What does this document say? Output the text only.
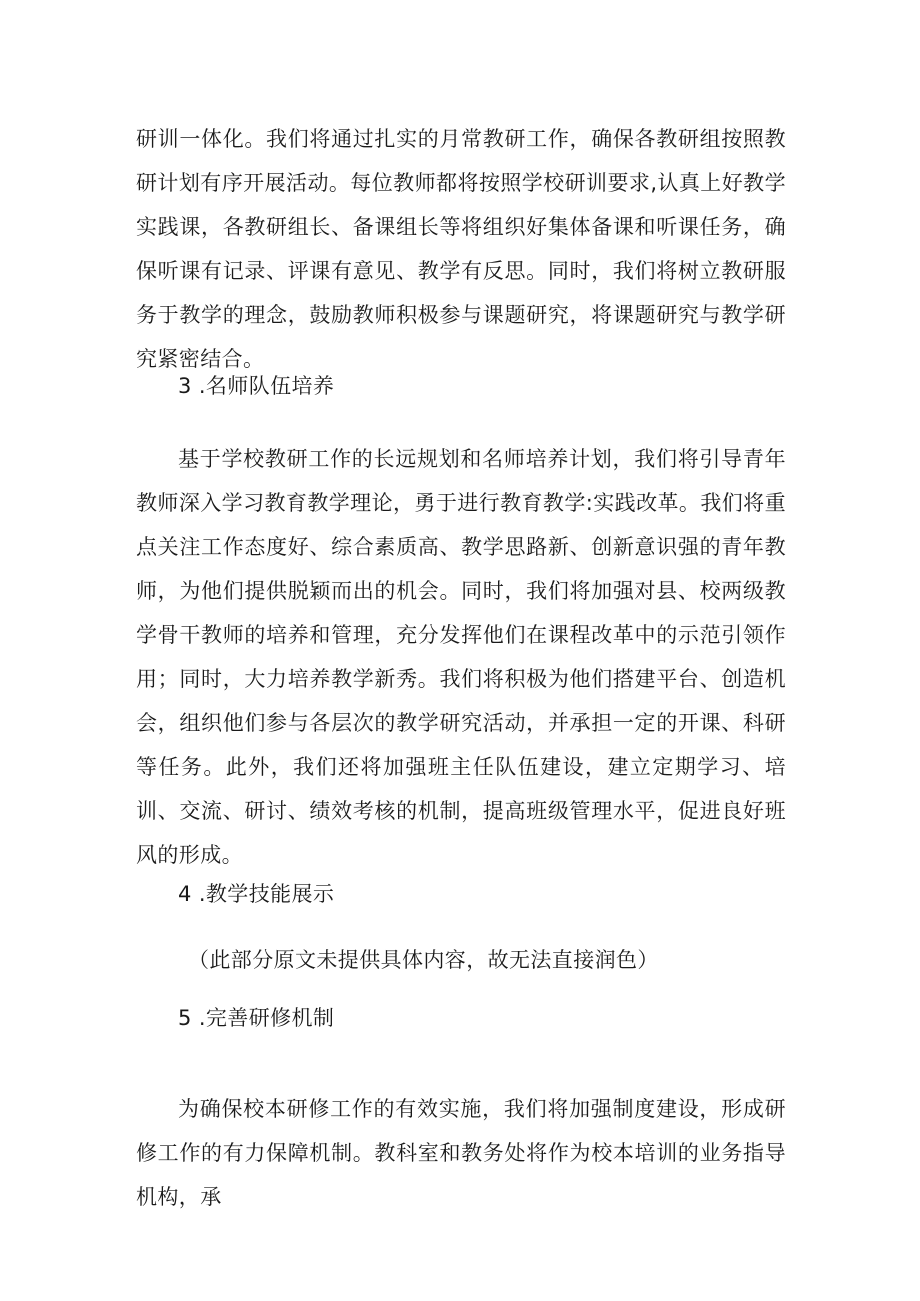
研训一体化。我们将通过扎实的月常教研工作，确保各教研组按照教研计划有序开展活动。每位教师都将按照学校研训要求,认真上好教学实践课，各教研组长、备课组长等将组织好集体备课和听课任务，确保听课有记录、评课有意见、教学有反思。同时，我们将树立教研服务于教学的理念，鼓励教师积极参与课题研究，将课题研究与教学研究紧密结合。

3 .名师队伍培养

基于学校教研工作的长远规划和名师培养计划，我们将引导青年教师深入学习教育教学理论，勇于进行教育教学:实践改革。我们将重点关注工作态度好、综合素质高、教学思路新、创新意识强的青年教师，为他们提供脱颖而出的机会。同时，我们将加强对县、校两级教学骨干教师的培养和管理，充分发挥他们在课程改革中的示范引领作用；同时，大力培养教学新秀。我们将积极为他们搭建平台、创造机会，组织他们参与各层次的教学研究活动，并承担一定的开课、科研等任务。此外，我们还将加强班主任队伍建设，建立定期学习、培训、交流、研讨、绩效考核的机制，提高班级管理水平，促进良好班风的形成。

4 .教学技能展示

（此部分原文未提供具体内容，故无法直接润色）

5 .完善研修机制

为确保校本研修工作的有效实施，我们将加强制度建设，形成研修工作的有力保障机制。教科室和教务处将作为校本培训的业务指导机构，承
